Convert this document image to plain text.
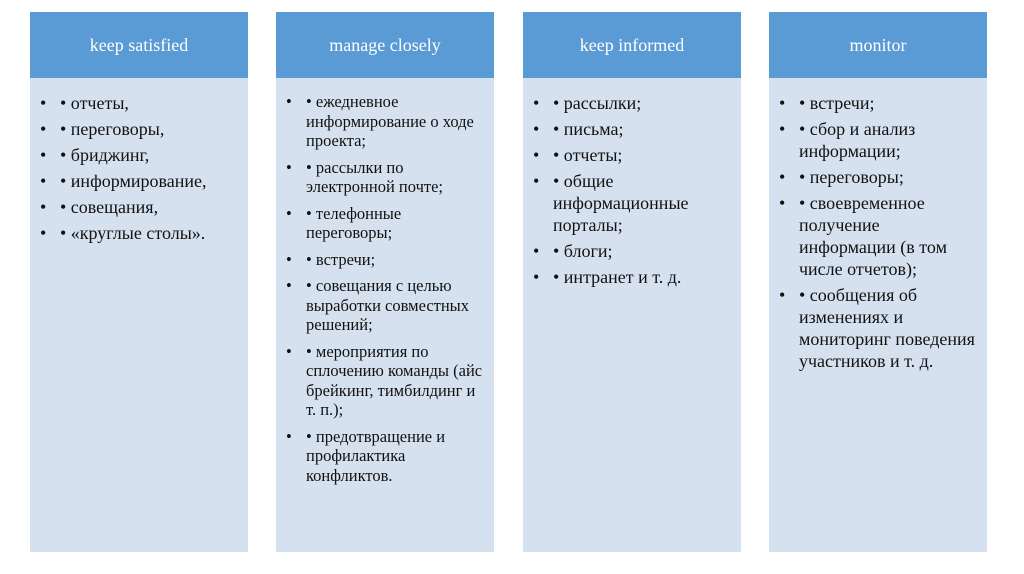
keep satisfied
• • отчеты,
• • переговоры,
• • бриджинг,
• • информирование,
• • совещания,
• • «круглые столы».
manage closely
• • ежедневное информирование о ходе проекта;
• • рассылки по электронной почте;
• • телефонные переговоры;
• • встречи;
• • совещания с целью выработки совместных решений;
• • мероприятия по сплочению команды (айс брейкинг, тимбилдинг и т. п.);
• • предотвращение и профилактика конфликтов.
keep informed
• • рассылки;
• • письма;
• • отчеты;
• • общие информационные порталы;
• • блоги;
• • интранет и т. д.
monitor
• • встречи;
• • сбор и анализ информации;
• • переговоры;
• • своевременное получение информации (в том числе отчетов);
• • сообщения об изменениях и мониторинг поведения участников и т. д.
